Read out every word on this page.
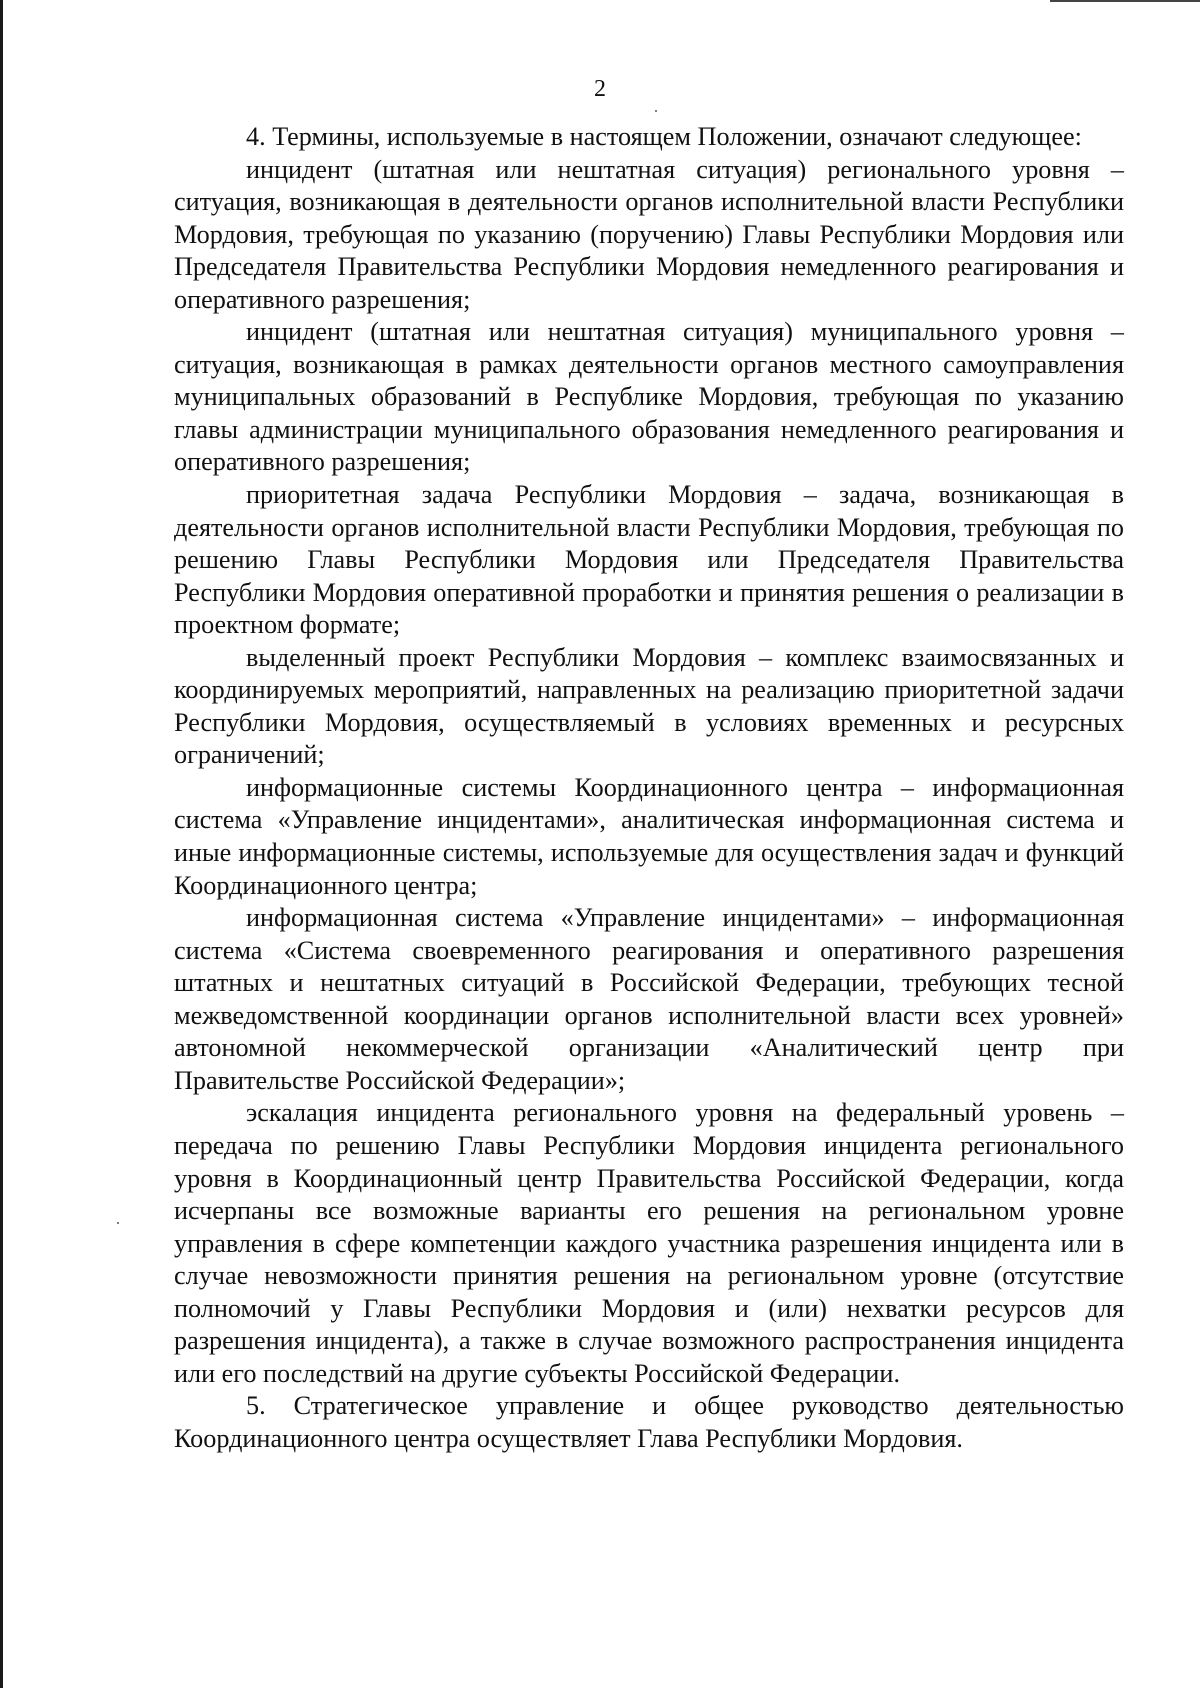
2

4. Термины, используемые в настоящем Положении, означают следующее:

инцидент (штатная или нештатная ситуация) регионального уровня – ситуация, возникающая в деятельности органов исполнительной власти Республики Мордовия, требующая по указанию (поручению) Главы Республики Мордовия или Председателя Правительства Республики Мордовия немедленного реагирования и оперативного разрешения;

инцидент (штатная или нештатная ситуация) муниципального уровня – ситуация, возникающая в рамках деятельности органов местного самоуправления муниципальных образований в Республике Мордовия, требующая по указанию главы администрации муниципального образования немедленного реагирования и оперативного разрешения;

приоритетная задача Республики Мордовия – задача, возникающая в деятельности органов исполнительной власти Республики Мордовия, требующая по решению Главы Республики Мордовия или Председателя Правительства Республики Мордовия оперативной проработки и принятия решения о реализации в проектном формате;

выделенный проект Республики Мордовия – комплекс взаимосвязанных и координируемых мероприятий, направленных на реализацию приоритетной задачи Республики Мордовия, осуществляемый в условиях временных и ресурсных ограничений;

информационные системы Координационного центра – информационная система «Управление инцидентами», аналитическая информационная система и иные информационные системы, используемые для осуществления задач и функций Координационного центра;

информационная система «Управление инцидентами» – информационная система «Система своевременного реагирования и оперативного разрешения штатных и нештатных ситуаций в Российской Федерации, требующих тесной межведомственной координации органов исполнительной власти всех уровней» автономной некоммерческой организации «Аналитический центр при Правительстве Российской Федерации»;

эскалация инцидента регионального уровня на федеральный уровень – передача по решению Главы Республики Мордовия инцидента регионального уровня в Координационный центр Правительства Российской Федерации, когда исчерпаны все возможные варианты его решения на региональном уровне управления в сфере компетенции каждого участника разрешения инцидента или в случае невозможности принятия решения на региональном уровне (отсутствие полномочий у Главы Республики Мордовия и (или) нехватки ресурсов для разрешения инцидента), а также в случае возможного распространения инцидента или его последствий на другие субъекты Российской Федерации.

5. Стратегическое управление и общее руководство деятельностью Координационного центра осуществляет Глава Республики Мордовия.
